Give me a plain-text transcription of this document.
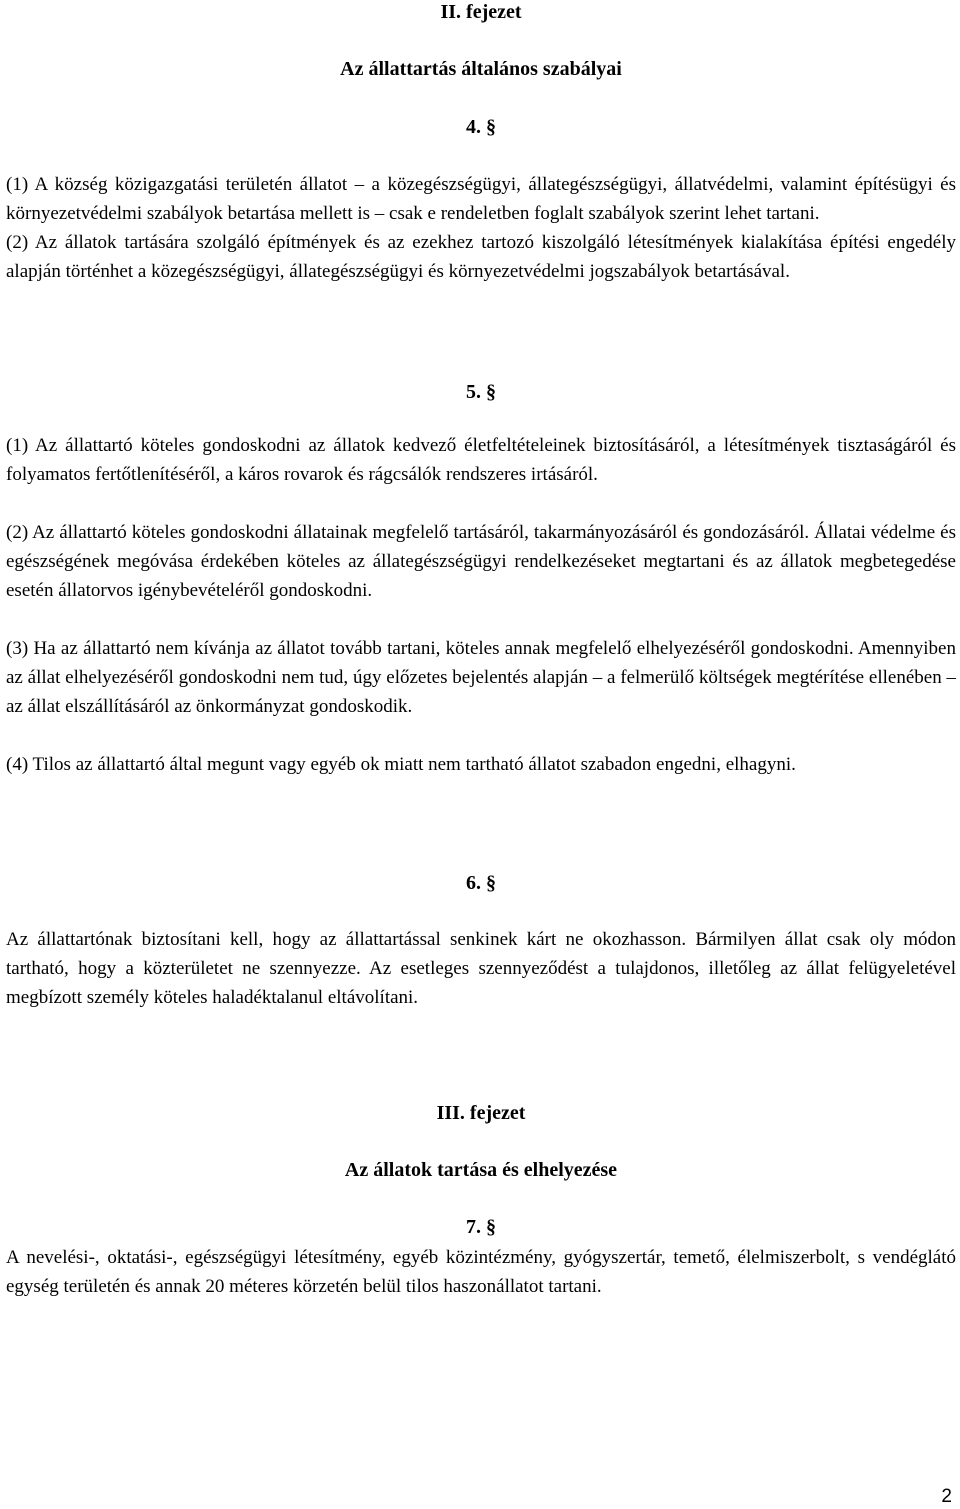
II. fejezet
Az állattartás általános szabályai
4. §
(1) A község közigazgatási területén állatot – a közegészségügyi, állategészségügyi, állatvédelmi, valamint építésügyi és környezetvédelmi szabályok betartása mellett is – csak e rendeletben foglalt szabályok szerint lehet tartani.
(2) Az állatok tartására szolgáló építmények és az ezekhez tartozó kiszolgáló létesítmények kialakítása építési engedély alapján történhet a közegészségügyi, állategészségügyi és környezetvédelmi jogszabályok betartásával.
5. §
(1) Az állattartó köteles gondoskodni az állatok kedvező életfeltételeinek biztosításáról, a létesítmények tisztaságáról és folyamatos fertőtlenítéséről, a káros rovarok és rágcsálók rendszeres irtásáról.
(2) Az állattartó köteles gondoskodni állatainak megfelelő tartásáról, takarmányozásáról és gondozásáról. Állatai védelme és egészségének megóvása érdekében köteles az állategészségügyi rendelkezéseket megtartani és az állatok megbetegedése esetén állatorvos igénybevételéről gondoskodni.
(3) Ha az állattartó nem kívánja az állatot tovább tartani, köteles annak megfelelő elhelyezéséről gondoskodni. Amennyiben az állat elhelyezéséről gondoskodni nem tud, úgy előzetes bejelentés alapján – a felmerülő költségek megtérítése ellenében – az állat elszállításáról az önkormányzat gondoskodik.
(4) Tilos az állattartó által megunt vagy egyéb ok miatt nem tartható állatot szabadon engedni, elhagyni.
6. §
Az állattartónak biztosítani kell, hogy az állattartással senkinek kárt ne okozhasson. Bármilyen állat csak oly módon tartható, hogy a közterületet ne szennyezze. Az esetleges szennyeződést a tulajdonos, illetőleg az állat felügyeletével megbízott személy köteles haladéktalanul eltávolítani.
III. fejezet
Az állatok tartása és elhelyezése
7. §
A nevelési-, oktatási-, egészségügyi létesítmény, egyéb közintézmény, gyógyszertár, temető, élelmiszerbolt, s vendéglátó egység területén és annak 20 méteres körzetén belül tilos haszonállatot tartani.
2
